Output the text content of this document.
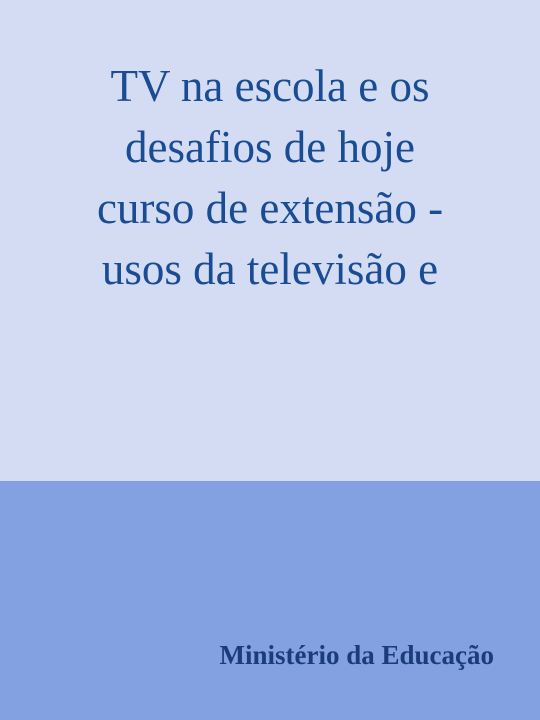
TV na escola e os
desafios de hoje
curso de extensão -
usos da televisão e
Ministério da Educação
